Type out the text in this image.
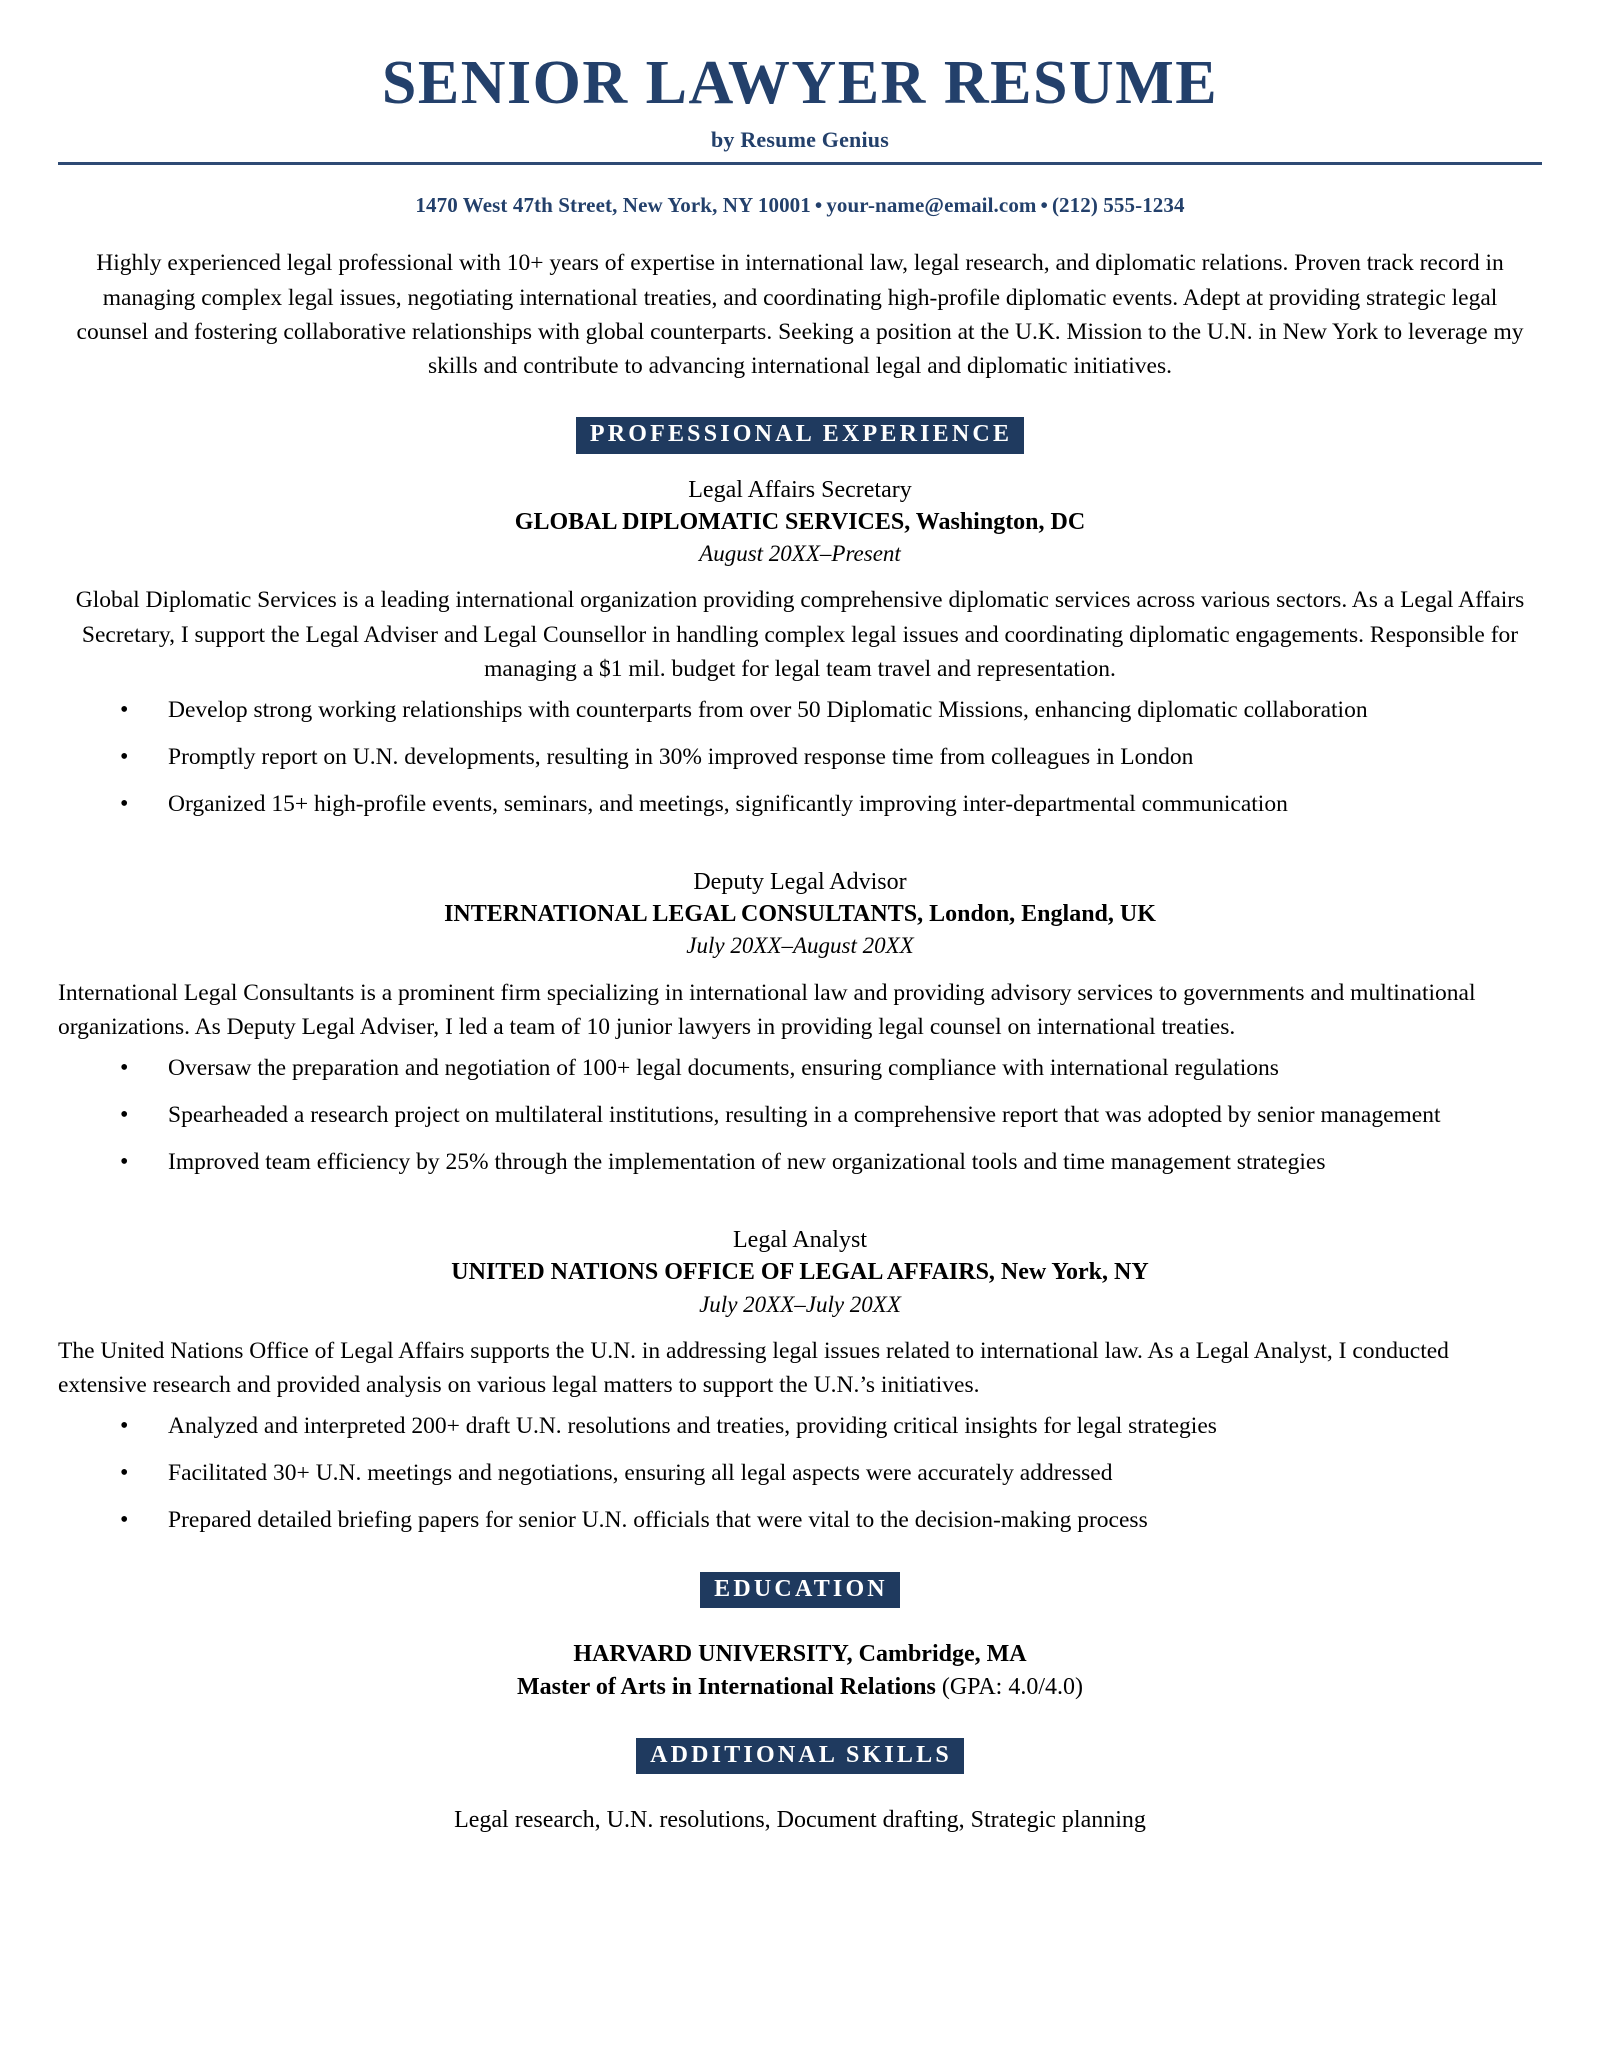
SENIOR LAWYER RESUME
by Resume Genius
1470 West 47th Street, New York, NY 10001 • your-name@email.com • (212) 555-1234
Highly experienced legal professional with 10+ years of expertise in international law, legal research, and diplomatic relations. Proven track record in managing complex legal issues, negotiating international treaties, and coordinating high-profile diplomatic events. Adept at providing strategic legal counsel and fostering collaborative relationships with global counterparts. Seeking a position at the U.K. Mission to the U.N. in New York to leverage my skills and contribute to advancing international legal and diplomatic initiatives.
PROFESSIONAL EXPERIENCE
Legal Affairs Secretary
GLOBAL DIPLOMATIC SERVICES, Washington, DC
August 20XX–Present
Global Diplomatic Services is a leading international organization providing comprehensive diplomatic services across various sectors. As a Legal Affairs Secretary, I support the Legal Adviser and Legal Counsellor in handling complex legal issues and coordinating diplomatic engagements. Responsible for managing a $1 mil. budget for legal team travel and representation.
• Develop strong working relationships with counterparts from over 50 Diplomatic Missions, enhancing diplomatic collaboration
• Promptly report on U.N. developments, resulting in 30% improved response time from colleagues in London
• Organized 15+ high-profile events, seminars, and meetings, significantly improving inter-departmental communication
Deputy Legal Advisor
INTERNATIONAL LEGAL CONSULTANTS, London, England, UK
July 20XX–August 20XX
International Legal Consultants is a prominent firm specializing in international law and providing advisory services to governments and multinational organizations. As Deputy Legal Adviser, I led a team of 10 junior lawyers in providing legal counsel on international treaties.
• Oversaw the preparation and negotiation of 100+ legal documents, ensuring compliance with international regulations
• Spearheaded a research project on multilateral institutions, resulting in a comprehensive report that was adopted by senior management
• Improved team efficiency by 25% through the implementation of new organizational tools and time management strategies
Legal Analyst
UNITED NATIONS OFFICE OF LEGAL AFFAIRS, New York, NY
July 20XX–July 20XX
The United Nations Office of Legal Affairs supports the U.N. in addressing legal issues related to international law. As a Legal Analyst, I conducted extensive research and provided analysis on various legal matters to support the U.N.’s initiatives.
• Analyzed and interpreted 200+ draft U.N. resolutions and treaties, providing critical insights for legal strategies
• Facilitated 30+ U.N. meetings and negotiations, ensuring all legal aspects were accurately addressed
• Prepared detailed briefing papers for senior U.N. officials that were vital to the decision-making process
EDUCATION
HARVARD UNIVERSITY, Cambridge, MA
Master of Arts in International Relations (GPA: 4.0/4.0)
ADDITIONAL SKILLS
Legal research, U.N. resolutions, Document drafting, Strategic planning
